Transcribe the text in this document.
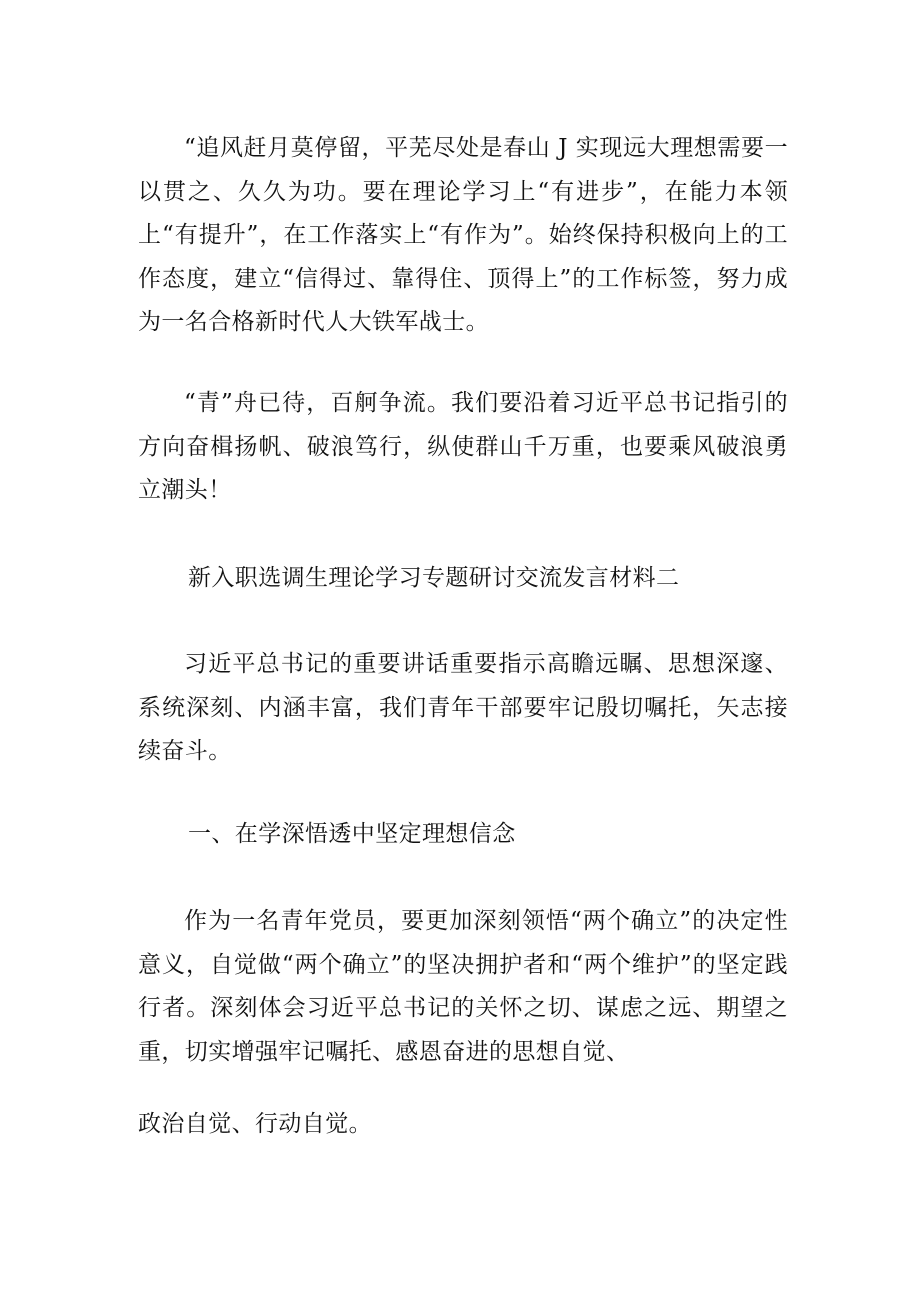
“追风赶月莫停留，平芜尽处是春山 J 实现远大理想需要一以贯之、久久为功。要在理论学习上“有进步”，在能力本领上“有提升”，在工作落实上“有作为”。始终保持积极向上的工作态度，建立“信得过、靠得住、顶得上”的工作标签，努力成为一名合格新时代人大铁军战士。

“青”舟已待，百舸争流。我们要沿着习近平总书记指引的方向奋楫扬帆、破浪笃行，纵使群山千万重，也要乘风破浪勇立潮头！

新入职选调生理论学习专题研讨交流发言材料二

习近平总书记的重要讲话重要指示高瞻远瞩、思想深邃、系统深刻、内涵丰富，我们青年干部要牢记殷切嘱托，矢志接续奋斗。

一、在学深悟透中坚定理想信念

作为一名青年党员，要更加深刻领悟“两个确立”的决定性意义，自觉做“两个确立”的坚决拥护者和“两个维护”的坚定践行者。深刻体会习近平总书记的关怀之切、谋虑之远、期望之重，切实增强牢记嘱托、感恩奋进的思想自觉、

政治自觉、行动自觉。
